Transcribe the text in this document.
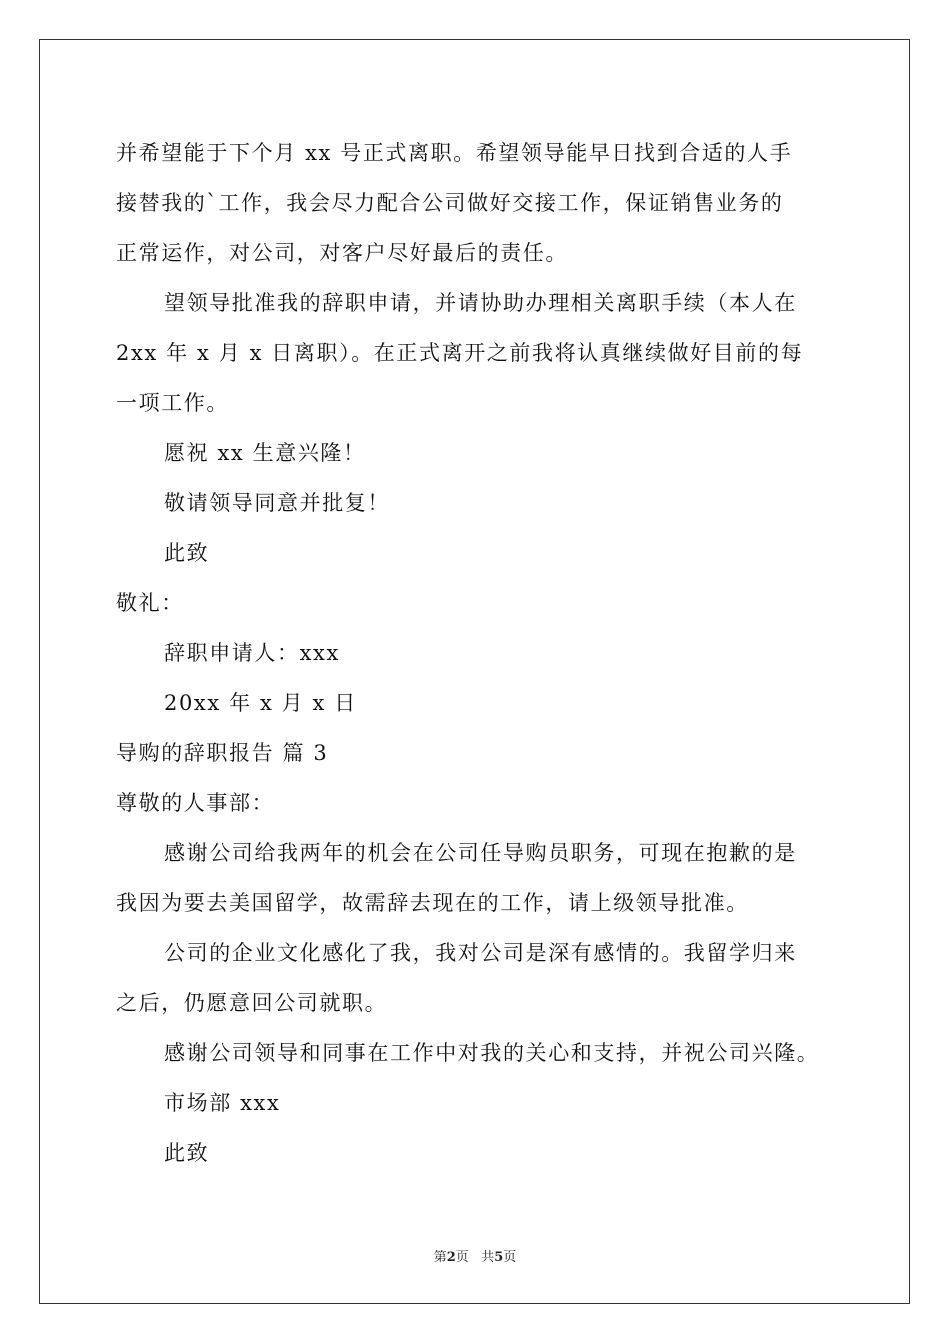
并希望能于下个月 xx 号正式离职。希望领导能早日找到合适的人手
接替我的`工作，我会尽力配合公司做好交接工作，保证销售业务的
正常运作，对公司，对客户尽好最后的责任。
望领导批准我的辞职申请，并请协助办理相关离职手续（本人在
2xx 年 x 月 x 日离职）。在正式离开之前我将认真继续做好目前的每
一项工作。
愿祝 xx 生意兴隆！
敬请领导同意并批复！
此致
敬礼：
辞职申请人：xxx
20xx 年 x 月 x 日
导购的辞职报告 篇 3
尊敬的人事部：
感谢公司给我两年的机会在公司任导购员职务，可现在抱歉的是
我因为要去美国留学，故需辞去现在的工作，请上级领导批准。
公司的企业文化感化了我，我对公司是深有感情的。我留学归来
之后，仍愿意回公司就职。
感谢公司领导和同事在工作中对我的关心和支持，并祝公司兴隆。
市场部 xxx
此致
第2页 共5页
